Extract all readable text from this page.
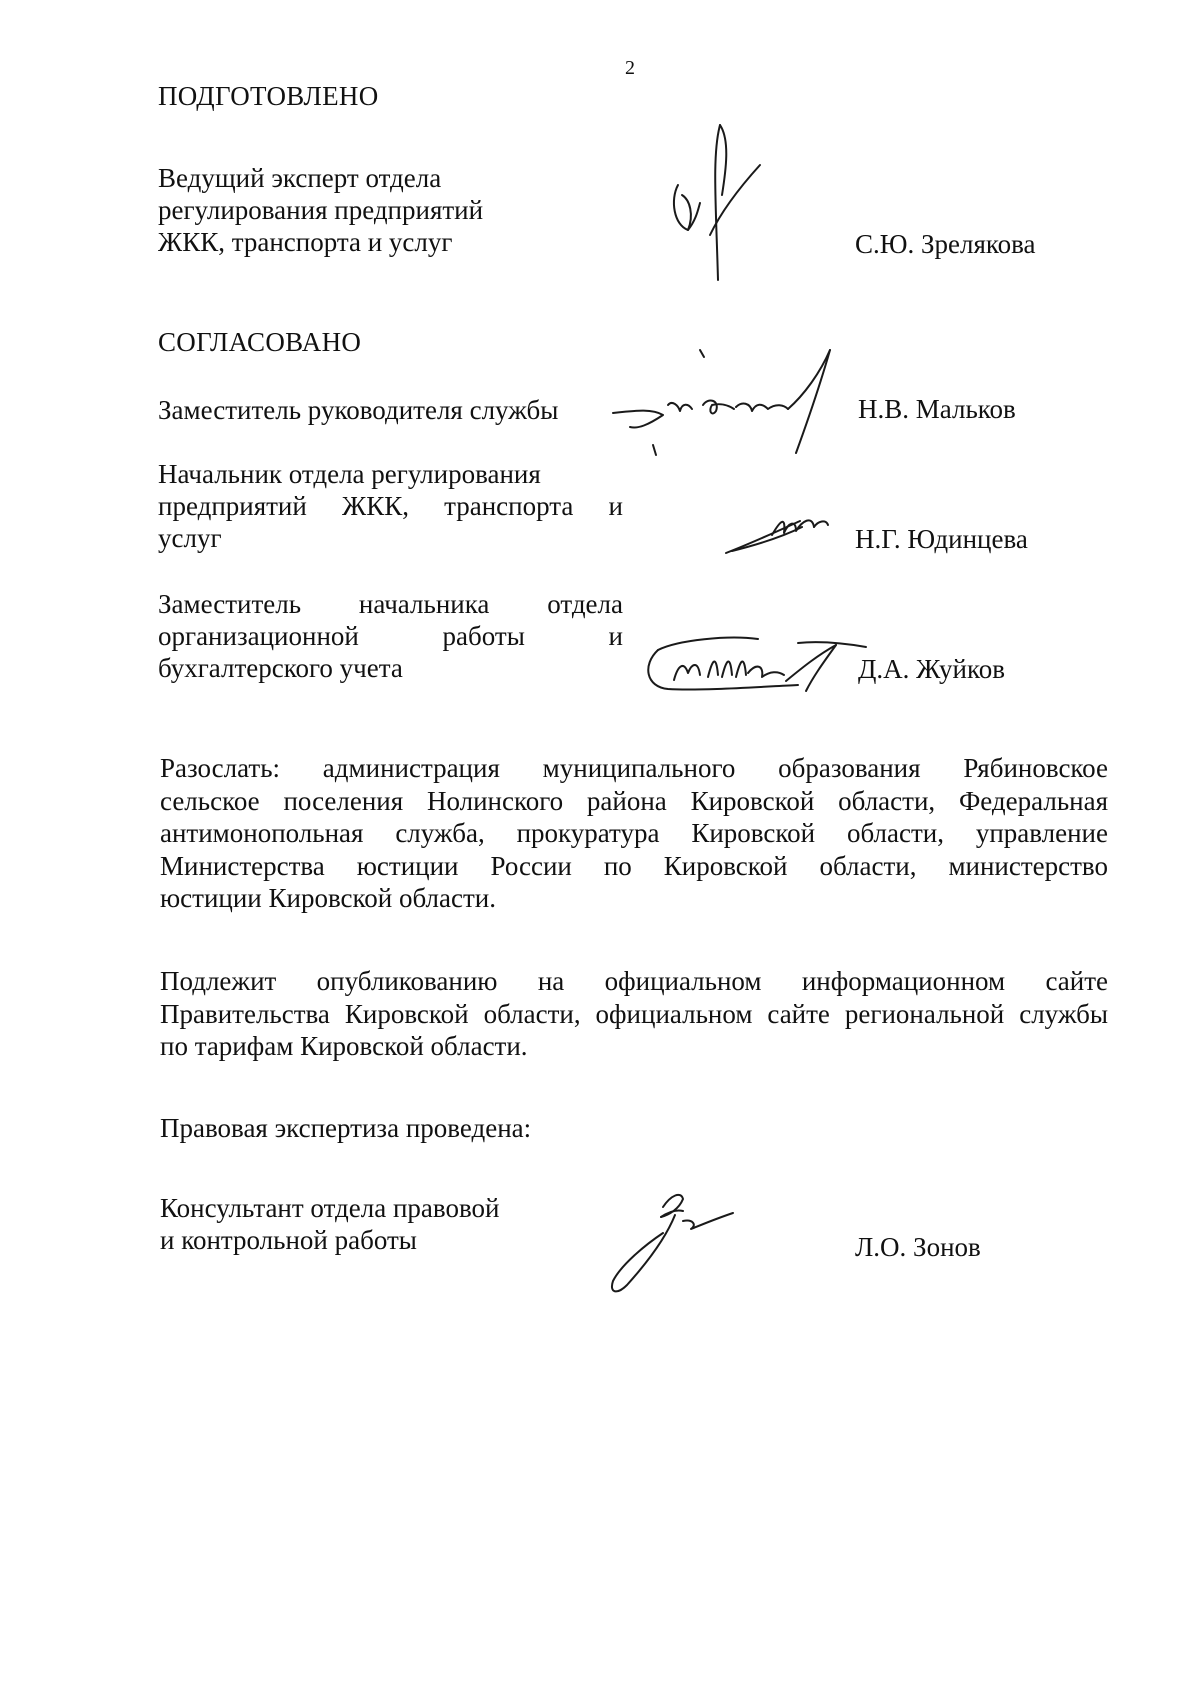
2
ПОДГОТОВЛЕНО
Ведущий эксперт отдела
регулирования предприятий
ЖКК, транспорта и услуг	С.Ю. Зрелякова
СОГЛАСОВАНО
Заместитель руководителя службы	Н.В. Мальков
Начальник отдела регулирования
предприятий ЖКК, транспорта и
услуг	Н.Г. Юдинцева
Заместитель начальника отдела
организационной работы и
бухгалтерского учета	Д.А. Жуйков
Разослать: администрация муниципального образования Рябиновское
сельское поселения Нолинского района Кировской области, Федеральная
антимонопольная служба, прокуратура Кировской области, управление
Министерства юстиции России по Кировской области, министерство
юстиции Кировской области.
Подлежит опубликованию на официальном информационном сайте
Правительства Кировской области, официальном сайте региональной службы
по тарифам Кировской области.
Правовая экспертиза проведена:
Консультант отдела правовой
и контрольной работы	Л.О. Зонов
